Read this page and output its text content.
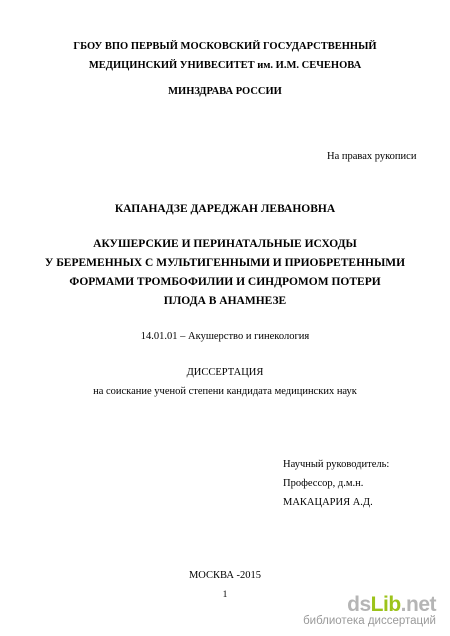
ГБОУ ВПО ПЕРВЫЙ МОСКОВСКИЙ ГОСУДАРСТВЕННЫЙ
МЕДИЦИНСКИЙ УНИВЕСИТЕТ им. И.М. СЕЧЕНОВА
МИНЗДРАВА РОССИИ
На правах рукописи
КАПАНАДЗЕ ДАРЕДЖАН ЛЕВАНОВНА
АКУШЕРСКИЕ И ПЕРИНАТАЛЬНЫЕ ИСХОДЫ
У БЕРЕМЕННЫХ С МУЛЬТИГЕННЫМИ И ПРИОБРЕТЕННЫМИ
ФОРМАМИ ТРОМБОФИЛИИ И СИНДРОМОМ ПОТЕРИ
ПЛОДА В АНАМНЕЗЕ
14.01.01 – Акушерство и гинекология
ДИССЕРТАЦИЯ
на соискание ученой степени кандидата медицинских наук
Научный руководитель:
Профессор, д.м.н.
МАКАЦАРИЯ А.Д.
МОСКВА -2015
1	dsLib.net
библиотека диссертаций
